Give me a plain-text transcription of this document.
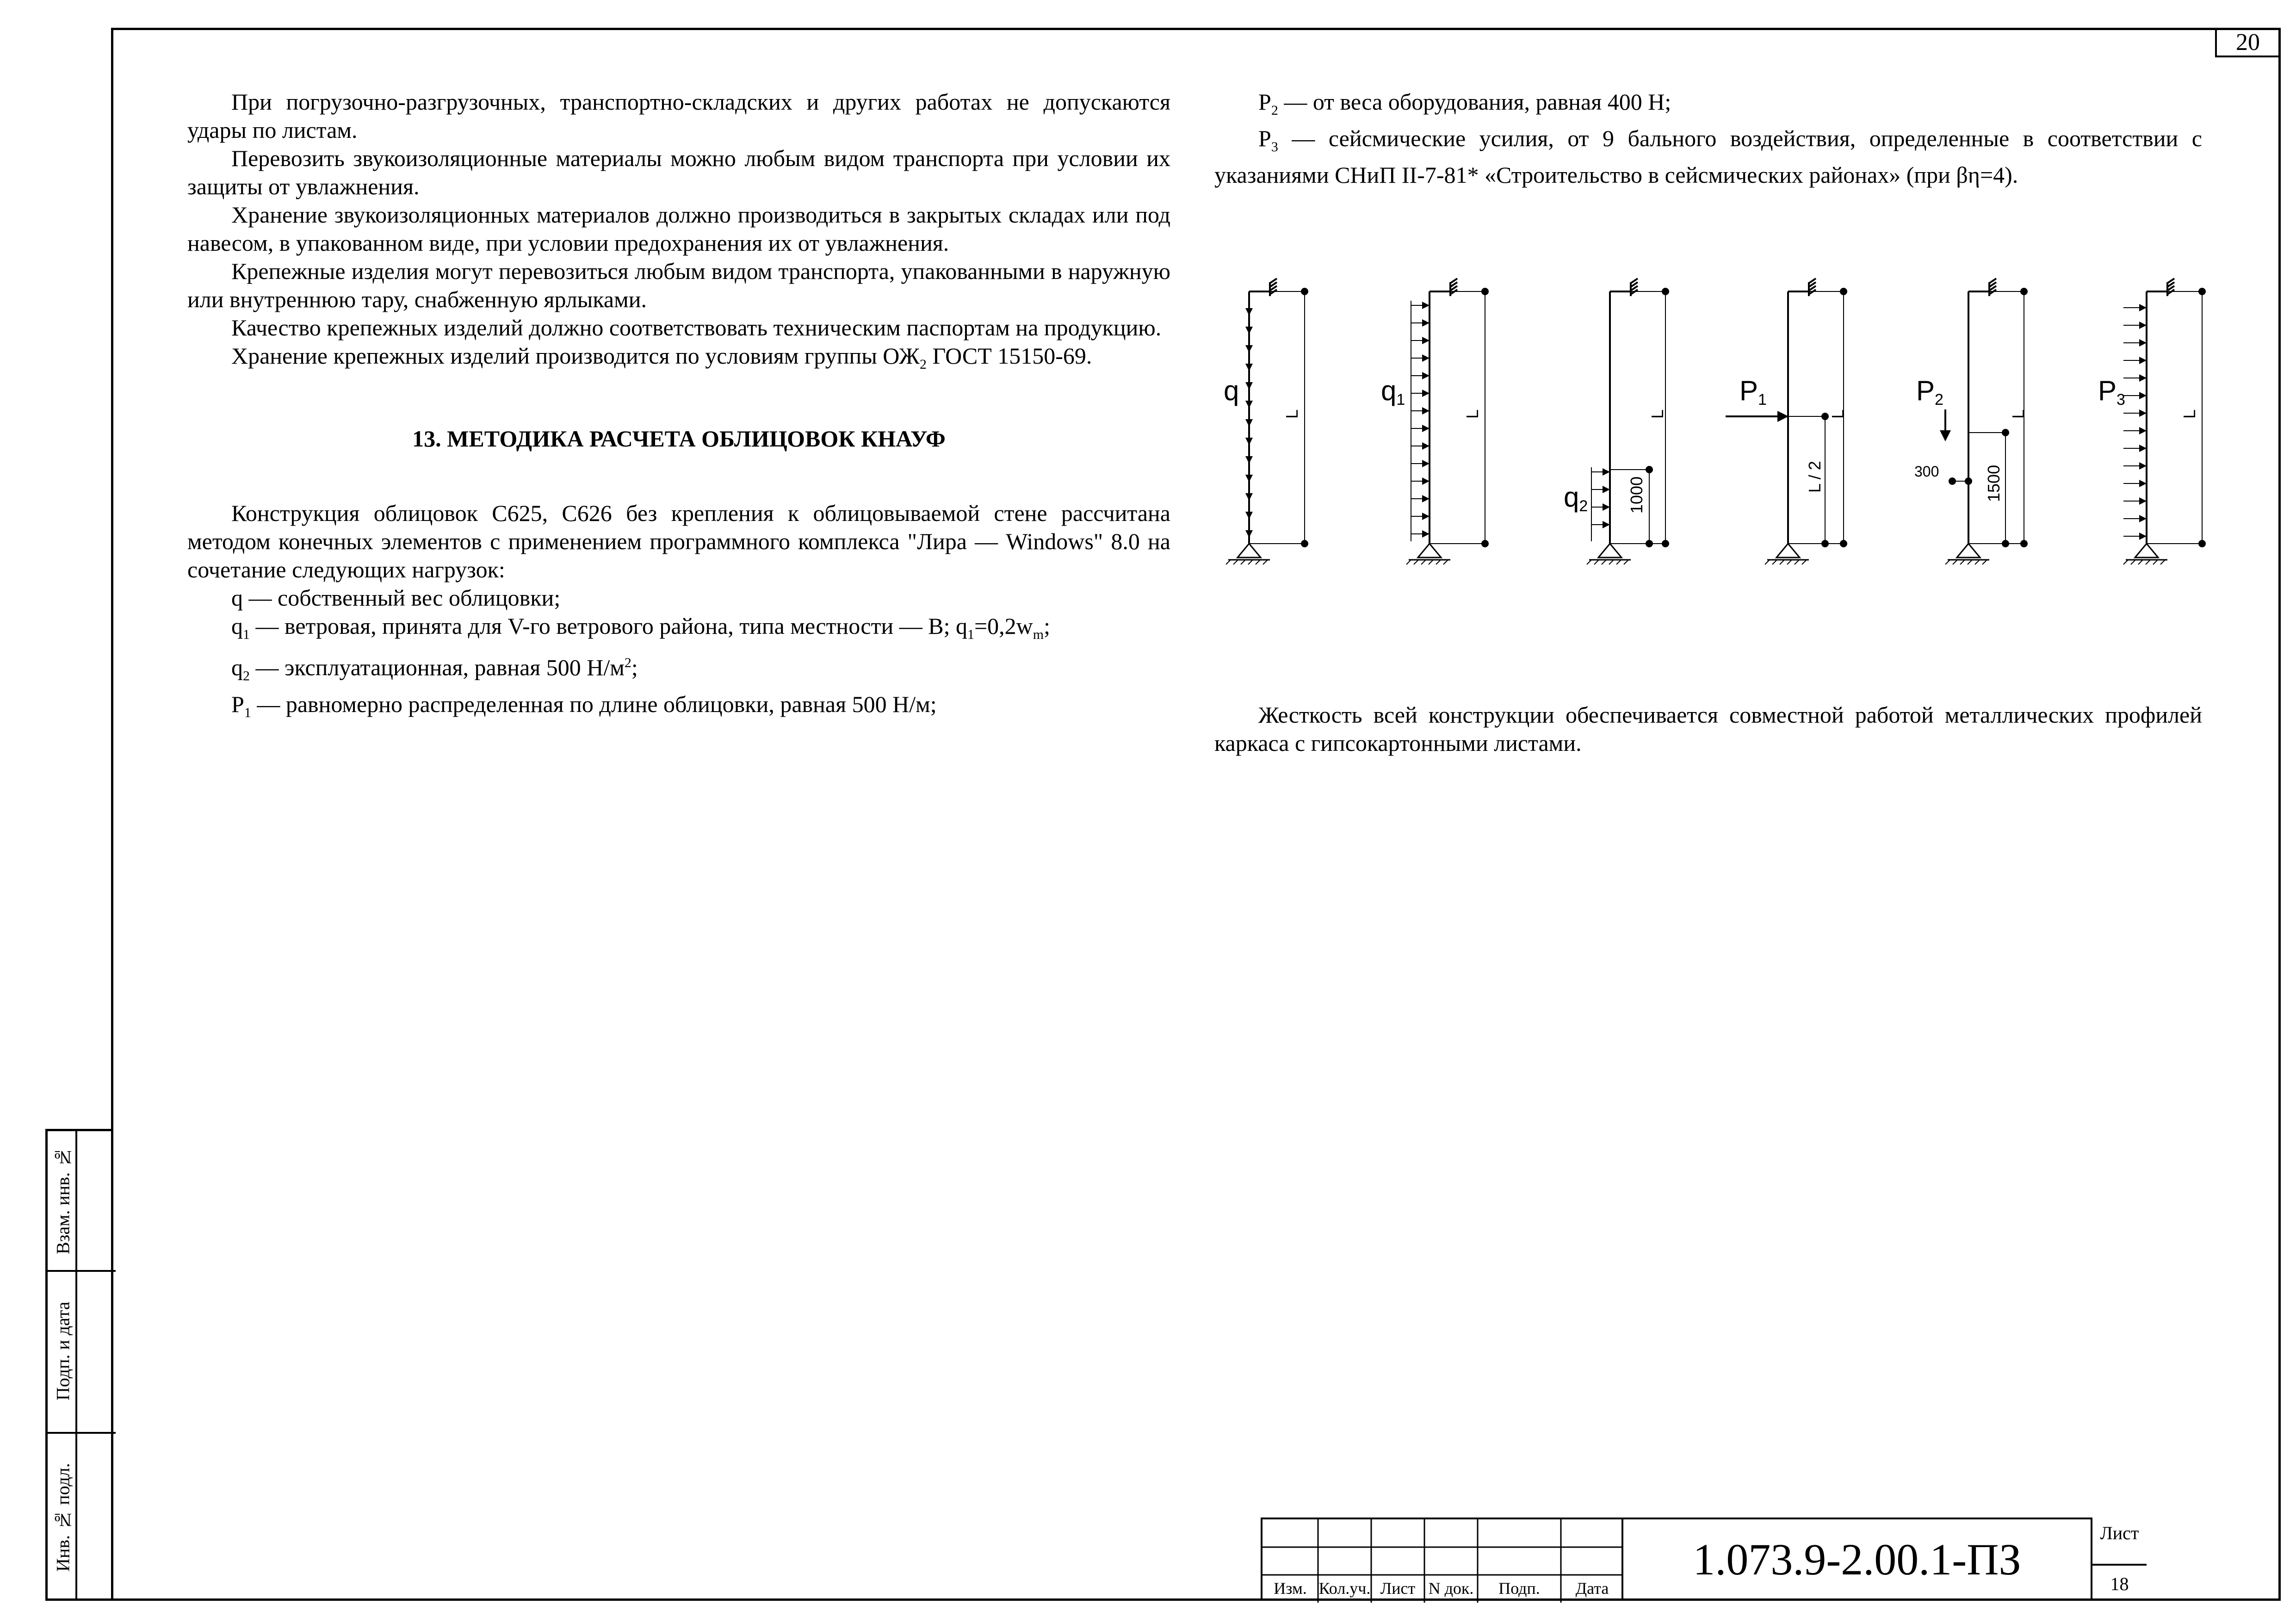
20
Взам. инв. №
Подп. и дата
Инв. № подл.

При погрузочно-разгрузочных, транспортно-складских и других работах не допускаются удары по листам.

Перевозить звукоизоляционные материалы можно любым видом транспорта при условии их защиты от увлажнения.

Хранение звукоизоляционных материалов должно производиться в закрытых складах или под навесом, в упакованном виде, при условии предохранения их от увлажнения.

Крепежные изделия могут перевозиться любым видом транспорта, упакованными в наружную или внутреннюю тару, снабженную ярлыками.

Качество крепежных изделий должно соответствовать техническим паспортам на продукцию.

Хранение крепежных изделий производится по условиям группы $ОЖ_2$ ГОСТ 15150-69.

13. МЕТОДИКА РАСЧЕТА ОБЛИЦОВОК КНАУФ

Конструкция облицовок С625, С626 без крепления к облицовываемой стене рассчитана методом конечных элементов с применением программного комплекса "Лира — Windows" 8.0 на сочетание следующих нагрузок:

q — собственный вес облицовки;

$q_1$ — ветровая, принята для V-го ветрового района, типа местности — В; $q_1=0,2w_m$;

$q_2$ — эксплуатационная, равная 500 $Н/м^2$;

$P_1$ — равномерно распределенная по длине облицовки, равная 500 Н/м;

$P_2$ — от веса оборудования, равная 400 Н;

$P_3$ — сейсмические усилия, от 9 бального воздействия, определенные в соответствии с указаниями СНиП II-7-81* «Строительство в сейсмических районах» (при βη=4).

Жесткость всей конструкции обеспечивается совместной работой металлических профилей каркаса с гипсокартонными листами.

q	q1
q2
P1	P2	P3
L	L	L	L	L	L
L / 2
1000	1500
300
Изм. Кол.уч. Лист N док.	Подп.	Дата
1.073.9-2.00.1-ПЗ
Лист
18
